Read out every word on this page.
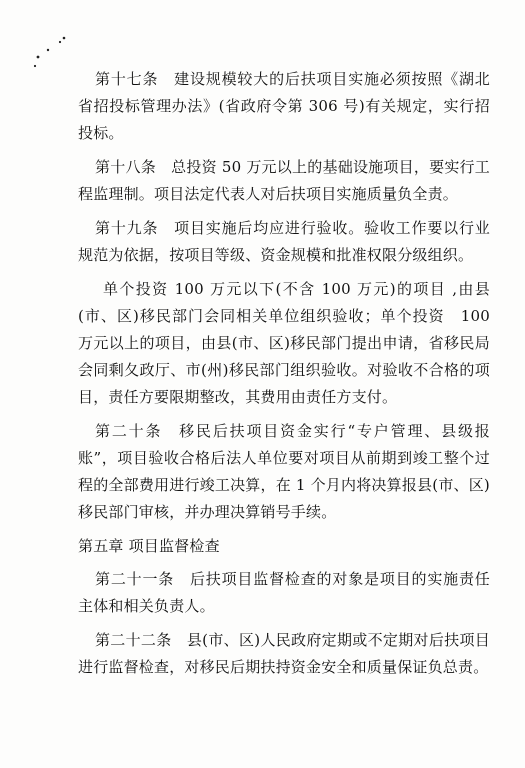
第十七条　建设规模较大的后扶项目实施必须按照《湖北省招投标管理办法》(省政府令第 306 号)有关规定，实行招投标。

第十八条　总投资 50 万元以上的基础设施项目，要实行工程监理制。项目法定代表人对后扶项目实施质量负全责。

第十九条　项目实施后均应进行验收。验收工作要以行业规范为依据，按项目等级、资金规模和批准权限分级组织。

单个投资 100 万元以下(不含 100 万元)的项目 ,由县(市、区)移民部门会同相关单位组织验收；单个投资　100　万元以上的项目，由县(市、区)移民部门提出申请，省移民局会同剩夂政厅、市(州)移民部门组织验收。对验收不合格的项目，责任方要限期整改，其费用由责任方支付。

第二十条　移民后扶项目资金实行“专户管理、县级报账”，项目验收合格后法人单位要对项目从前期到竣工整个过程的全部费用进行竣工决算，在 1 个月内将决算报县(市、区)移民部门审核，并办理决算销号手续。

第五章 项目监督检查

第二十一条　后扶项目监督检查的对象是项目的实施责任主体和相关负责人。

第二十二条　县(市、区)人民政府定期或不定期对后扶项目进行监督检查，对移民后期扶持资金安全和质量保证负总责。
